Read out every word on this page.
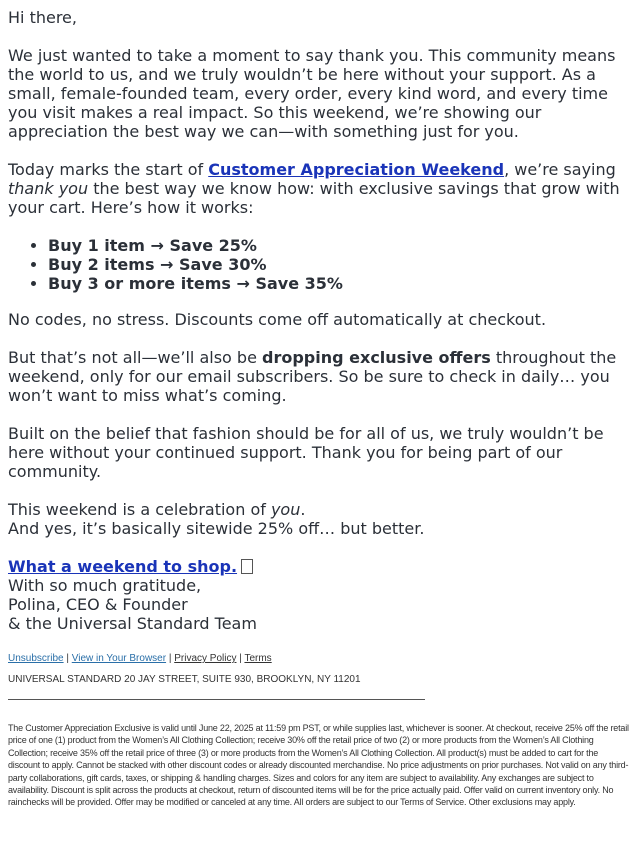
Hi there,

We just wanted to take a moment to say thank you. This community means the world to us, and we truly wouldn’t be here without your support. As a small, female-founded team, every order, every kind word, and every time you visit makes a real impact. So this weekend, we’re showing our appreciation the best way we can—with something just for you.

Today marks the start of Customer Appreciation Weekend, we’re saying thank you the best way we know how: with exclusive savings that grow with your cart. Here’s how it works:

• Buy 1 item → Save 25%
• Buy 2 items → Save 30%
• Buy 3 or more items → Save 35%

No codes, no stress. Discounts come off automatically at checkout.

But that’s not all—we’ll also be dropping exclusive offers throughout the weekend, only for our email subscribers. So be sure to check in daily… you won’t want to miss what’s coming.

Built on the belief that fashion should be for all of us, we truly wouldn’t be here without your continued support. Thank you for being part of our community.

This weekend is a celebration of you.
And yes, it’s basically sitewide 25% off… but better.

What a weekend to shop.

With so much gratitude,
Polina, CEO & Founder
& the Universal Standard Team

Unsubscribe | View in Your Browser | Privacy Policy | Terms
UNIVERSAL STANDARD 20 JAY STREET, SUITE 930, BROOKLYN, NY 11201
The Customer Appreciation Exclusive is valid until June 22, 2025 at 11:59 pm PST, or while supplies last, whichever is sooner. At checkout, receive 25% off the retail price of one (1) product from the Women’s All Clothing Collection; receive 30% off the retail price of two (2) or more products from the Women’s All Clothing Collection; receive 35% off the retail price of three (3) or more products from the Women’s All Clothing Collection. All product(s) must be added to cart for the discount to apply. Cannot be stacked with other discount codes or already discounted merchandise. No price adjustments on prior purchases. Not valid on any third-party collaborations, gift cards, taxes, or shipping & handling charges. Sizes and colors for any item are subject to availability. Any exchanges are subject to availability. Discount is split across the products at checkout, return of discounted items will be for the price actually paid. Offer valid on current inventory only. No rainchecks will be provided. Offer may be modified or canceled at any time. All orders are subject to our Terms of Service. Other exclusions may apply.
